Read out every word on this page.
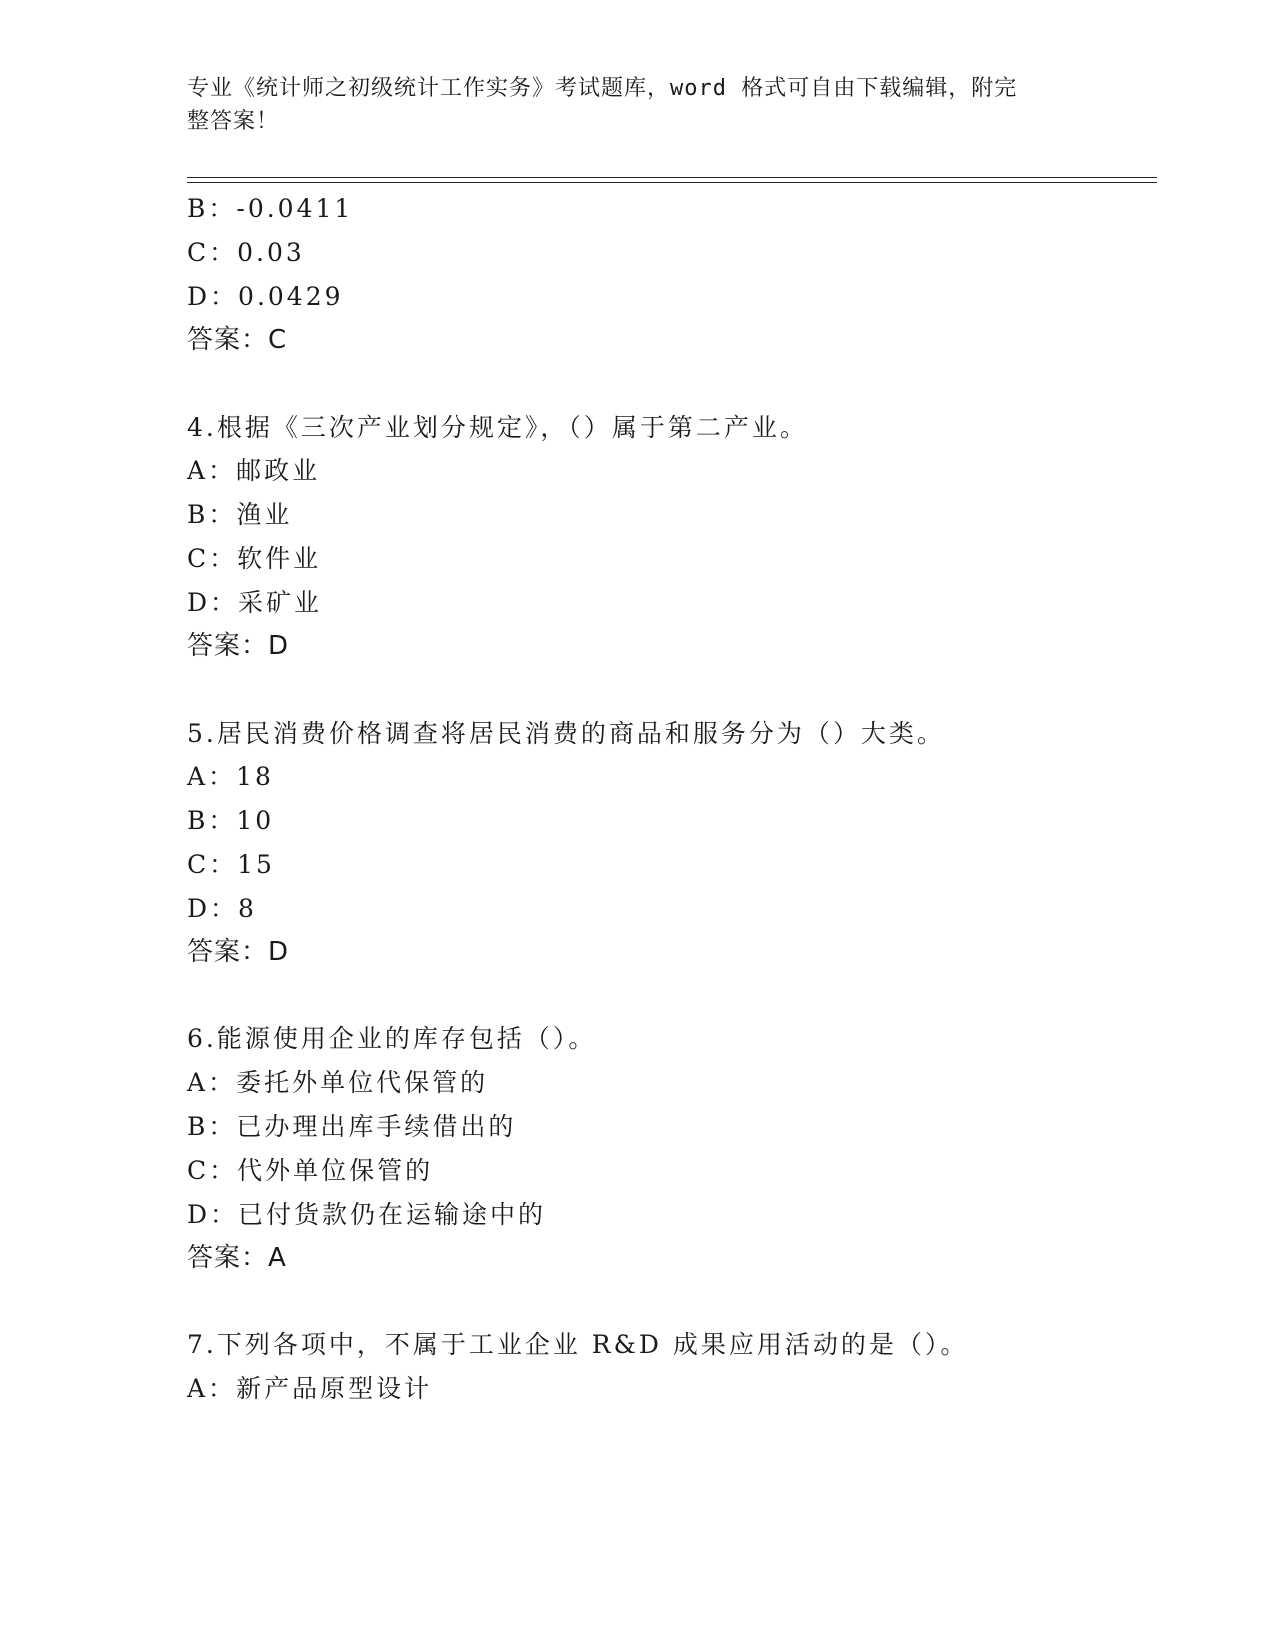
专业《统计师之初级统计工作实务》考试题库，word 格式可自由下载编辑，附完
整答案！
B：-0.0411
C：0.03
D：0.0429
答案：C
4.根据《三次产业划分规定》，（）属于第二产业。
A：邮政业
B：渔业
C：软件业
D：采矿业
答案：D
5.居民消费价格调查将居民消费的商品和服务分为（）大类。
A：18
B：10
C：15
D：8
答案：D
6.能源使用企业的库存包括（）。
A：委托外单位代保管的
B：已办理出库手续借出的
C：代外单位保管的
D：已付货款仍在运输途中的
答案：A
7.下列各项中，不属于工业企业 R&D 成果应用活动的是（）。
A：新产品原型设计
